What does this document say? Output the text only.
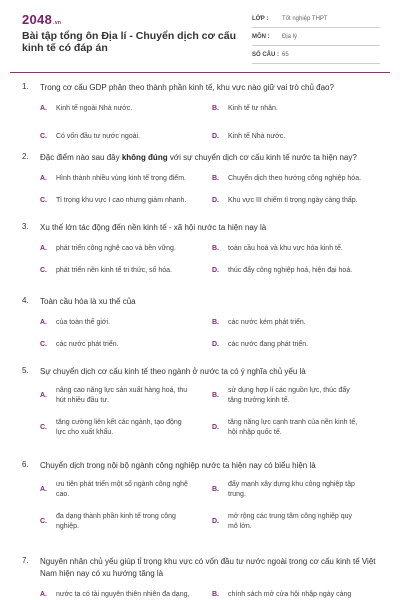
2048.vn
Bài tập tổng ôn Địa lí - Chuyển dịch cơ cấu kinh tế có đáp án
LỚP : Tốt nghiệp THPT
MÔN : Địa lý
SỐ CÂU : 65
1. Trong cơ cấu GDP phân theo thành phần kinh tế, khu vực nào giữ vai trò chủ đạo?
A. Kinh tế ngoài Nhà nước.	B. Kinh tế tư nhân.
C. Có vốn đầu tư nước ngoài.	D. Kinh tế Nhà nước.
2. Đặc điểm nào sau đây không đúng với sự chuyển dịch cơ cấu kinh tế nước ta hiện nay?
A. Hình thành nhiều vùng kinh tế trọng điểm.	B. Chuyển dịch theo hướng công nghiệp hóa.
C. Tỉ trọng khu vực I cao nhưng giảm nhanh.	D. Khu vực III chiếm tỉ trọng ngày càng thấp.
3. Xu thế lớn tác động đến nền kinh tế - xã hội nước ta hiện nay là
A. phát triển công nghệ cao và bền vững.	B. toàn cầu hoá và khu vực hóa kinh tế.
C. phát triển nền kinh tế tri thức, số hóa.	D. thúc đẩy công nghiệp hoá, hiện đại hoá.
4. Toàn cầu hóa là xu thế của
A. của toàn thế giới.	B. các nước kém phát triển.
C. các nước phát triển.	D. các nước đang phát triển.
5. Sự chuyển dịch cơ cấu kinh tế theo ngành ở nước ta có ý nghĩa chủ yếu là
A.
nâng cao năng lực sản xuất hàng hoá, thu
hút nhiều đầu tư.
B.
sử dụng hợp lí các nguồn lực, thúc đẩy
tăng trưởng kinh tế.
C.
tăng cường liên kết các ngành, tạo động
lực cho xuất khẩu.
D.
tăng năng lực cạnh tranh của nền kinh tế,
hội nhập quốc tế.
6. Chuyển dịch trong nội bộ ngành công nghiệp nước ta hiện nay có biểu hiện là
A.
ưu tiên phát triển một số ngành công nghệ
cao.
B.
đẩy mạnh xây dựng khu công nghiệp tập
trung.
C.
đa dạng thành phần kinh tế trong công
nghiệp.
D.
mở rộng các trung tâm công nghiệp quy
mô lớn.
7. Nguyên nhân chủ yếu giúp tỉ trọng khu vực có vốn đầu tư nước ngoài trong cơ cấu kinh tế Việt
Nam hiện nay có xu hướng tăng là
A. nước ta có tài nguyên thiên nhiên đa dạng,	B. chính sách mở cửa hội nhập ngày càng
